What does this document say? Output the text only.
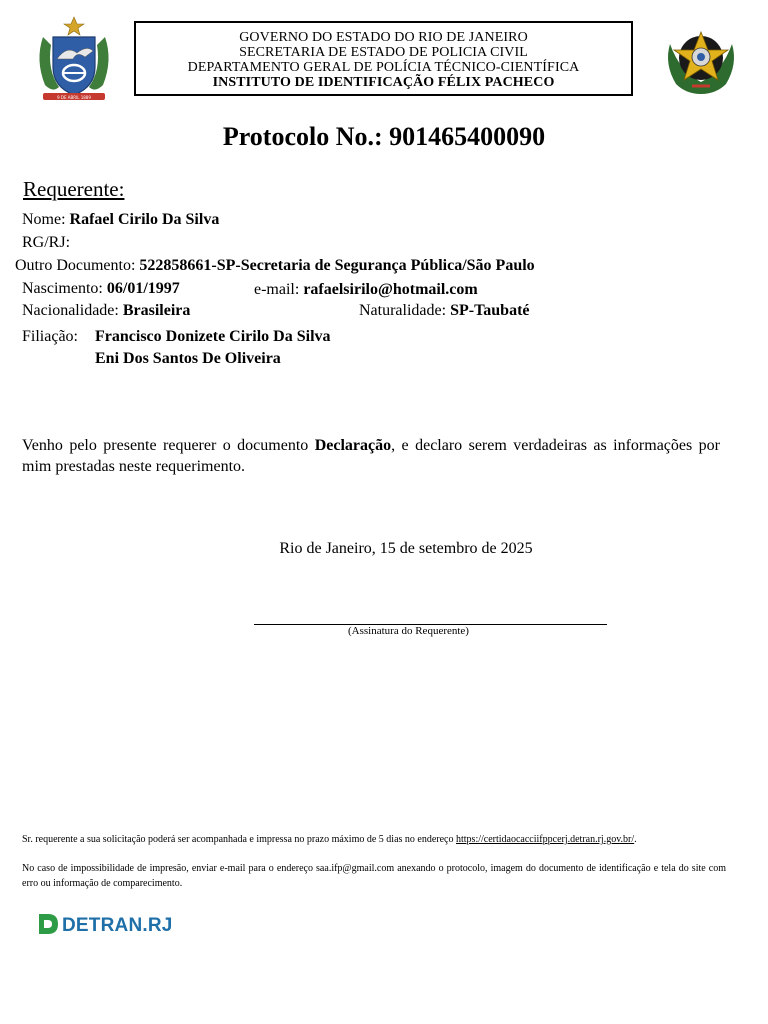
9 DE ABRIL 1889
GOVERNO DO ESTADO DO RIO DE JANEIRO
SECRETARIA DE ESTADO DE POLICIA CIVIL
DEPARTAMENTO GERAL DE POLÍCIA TÉCNICO-CIENTÍFICA
INSTITUTO DE IDENTIFICAÇÃO FÉLIX PACHECO
Protocolo No.: 901465400090
Requerente:
Nome: Rafael Cirilo Da Silva
RG/RJ:
Outro Documento: 522858661-SP-Secretaria de Segurança Pública/São Paulo
Nascimento: 06/01/1997	e-mail: rafaelsirilo@hotmail.com
Nacionalidade: Brasileira	Naturalidade: SP-Taubaté
Filiação: Francisco Donizete Cirilo Da Silva
Eni Dos Santos De Oliveira
Venho pelo presente requerer o documento Declaração, e declaro serem verdadeiras as informações por mim prestadas neste requerimento.
Rio de Janeiro, 15 de setembro de 2025
(Assinatura do Requerente)
Sr. requerente a sua solicitação poderá ser acompanhada e impressa no prazo máximo de 5 dias no endereço https://certidaocacciifppcerj.detran.rj.gov.br/.
No caso de impossibilidade de impresão, enviar e-mail para o endereço saa.ifp@gmail.com anexando o protocolo, imagem do documento de identificação e tela do site com erro ou informação de comparecimento.
DETRAN.RJ
